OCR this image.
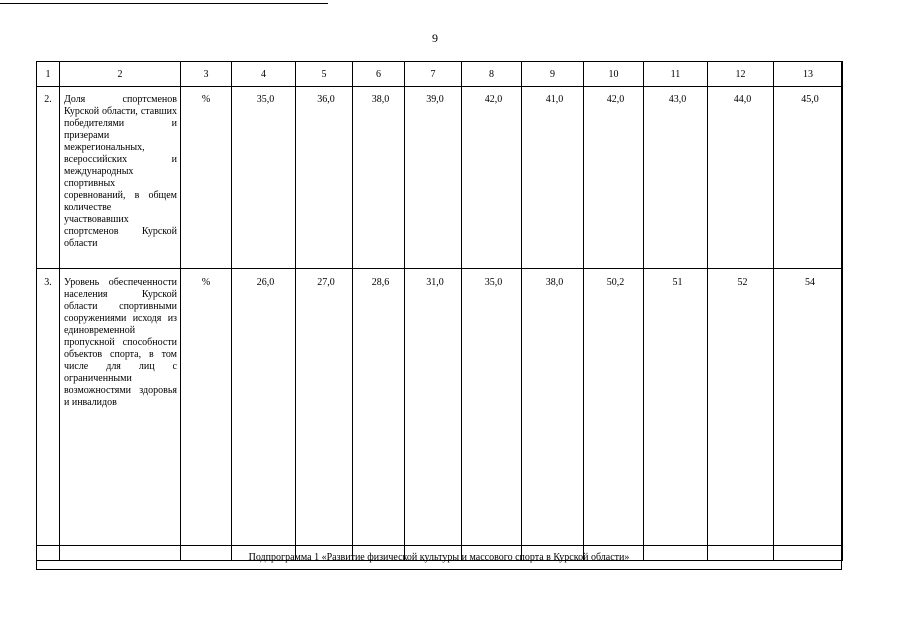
9
1	2	3	4	5	6	7	8	9	10	11	12	13
2.	Доля спортсменов Курской области, ставших победителями и призерами межрегиональных, всероссийских и международных спортивных соревнований, в общем количестве участвовавших спортсменов Курской области	%	35,0	36,0	38,0	39,0	42,0	41,0	42,0	43,0	44,0	45,0
3.	Уровень обеспеченности населения Курской области спортивными сооружениями исходя из единовременной пропускной способности объектов спорта, в том числе для лиц с ограниченными возможностями здоровья и инвалидов	%	26,0	27,0	28,6	31,0	35,0	38,0	50,2	51	52	54
Подпрограмма 1 «Развитие физической культуры и массового спорта в Курской области»
